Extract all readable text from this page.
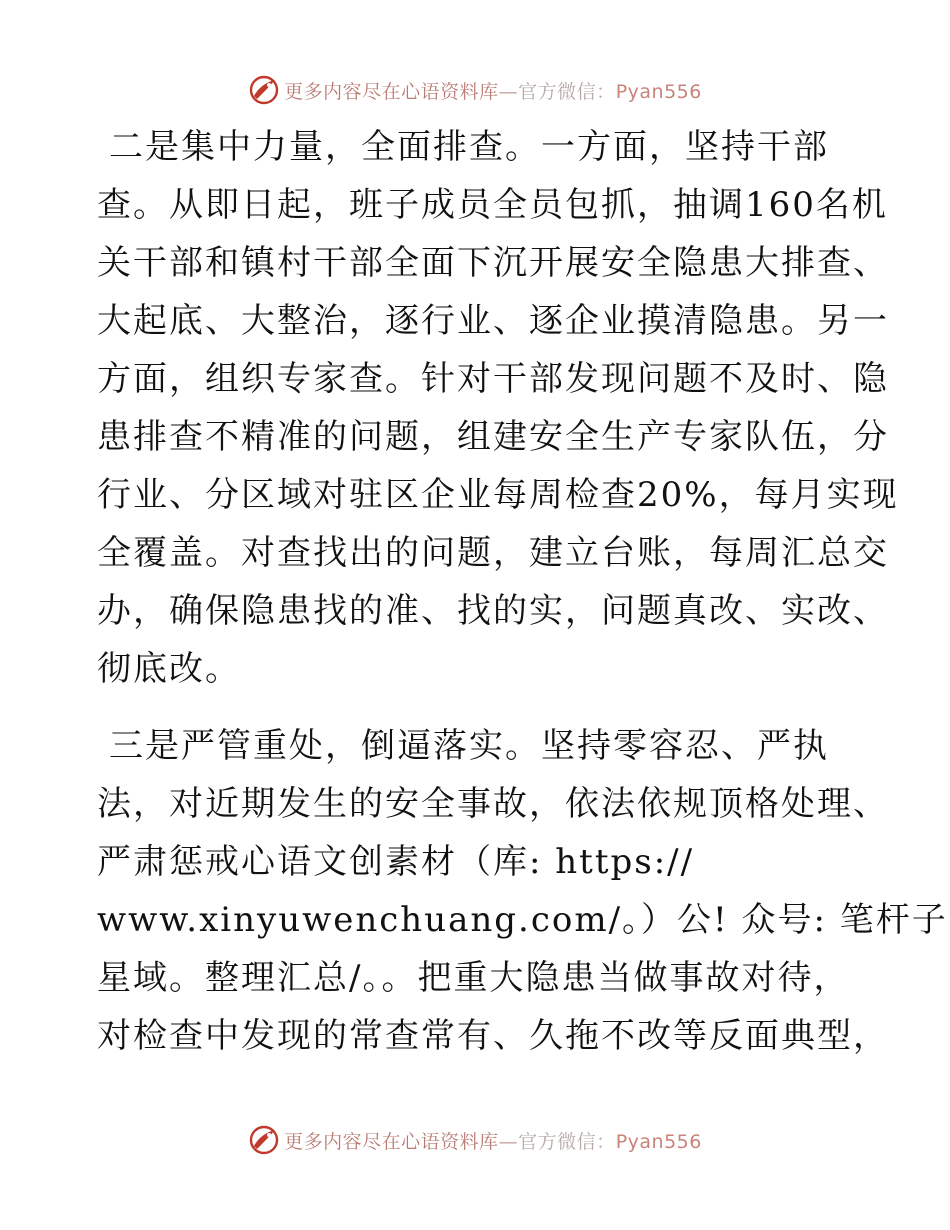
更多内容尽在心语资料库—官方微信：Pyan556
二是集中力量，全面排查。一方面，坚持干部
查。从即日起，班子成员全员包抓，抽调160名机
关干部和镇村干部全面下沉开展安全隐患大排查、
大起底、大整治，逐行业、逐企业摸清隐患。另一
方面，组织专家查。针对干部发现问题不及时、隐
患排查不精准的问题，组建安全生产专家队伍，分
行业、分区域对驻区企业每周检查20%，每月实现
全覆盖。对查找出的问题，建立台账，每周汇总交
办，确保隐患找的准、找的实，问题真改、实改、
彻底改。
三是严管重处，倒逼落实。坚持零容忍、严执
法，对近期发生的安全事故，依法依规顶格处理、
严肃惩戒心语文创素材（库: https://
www.xinyuwenchuang.com/。）公! 众号: 笔杆子
星域。整理汇总/。。把重大隐患当做事故对待，
对检查中发现的常查常有、久拖不改等反面典型，
更多内容尽在心语资料库—官方微信：Pyan556
